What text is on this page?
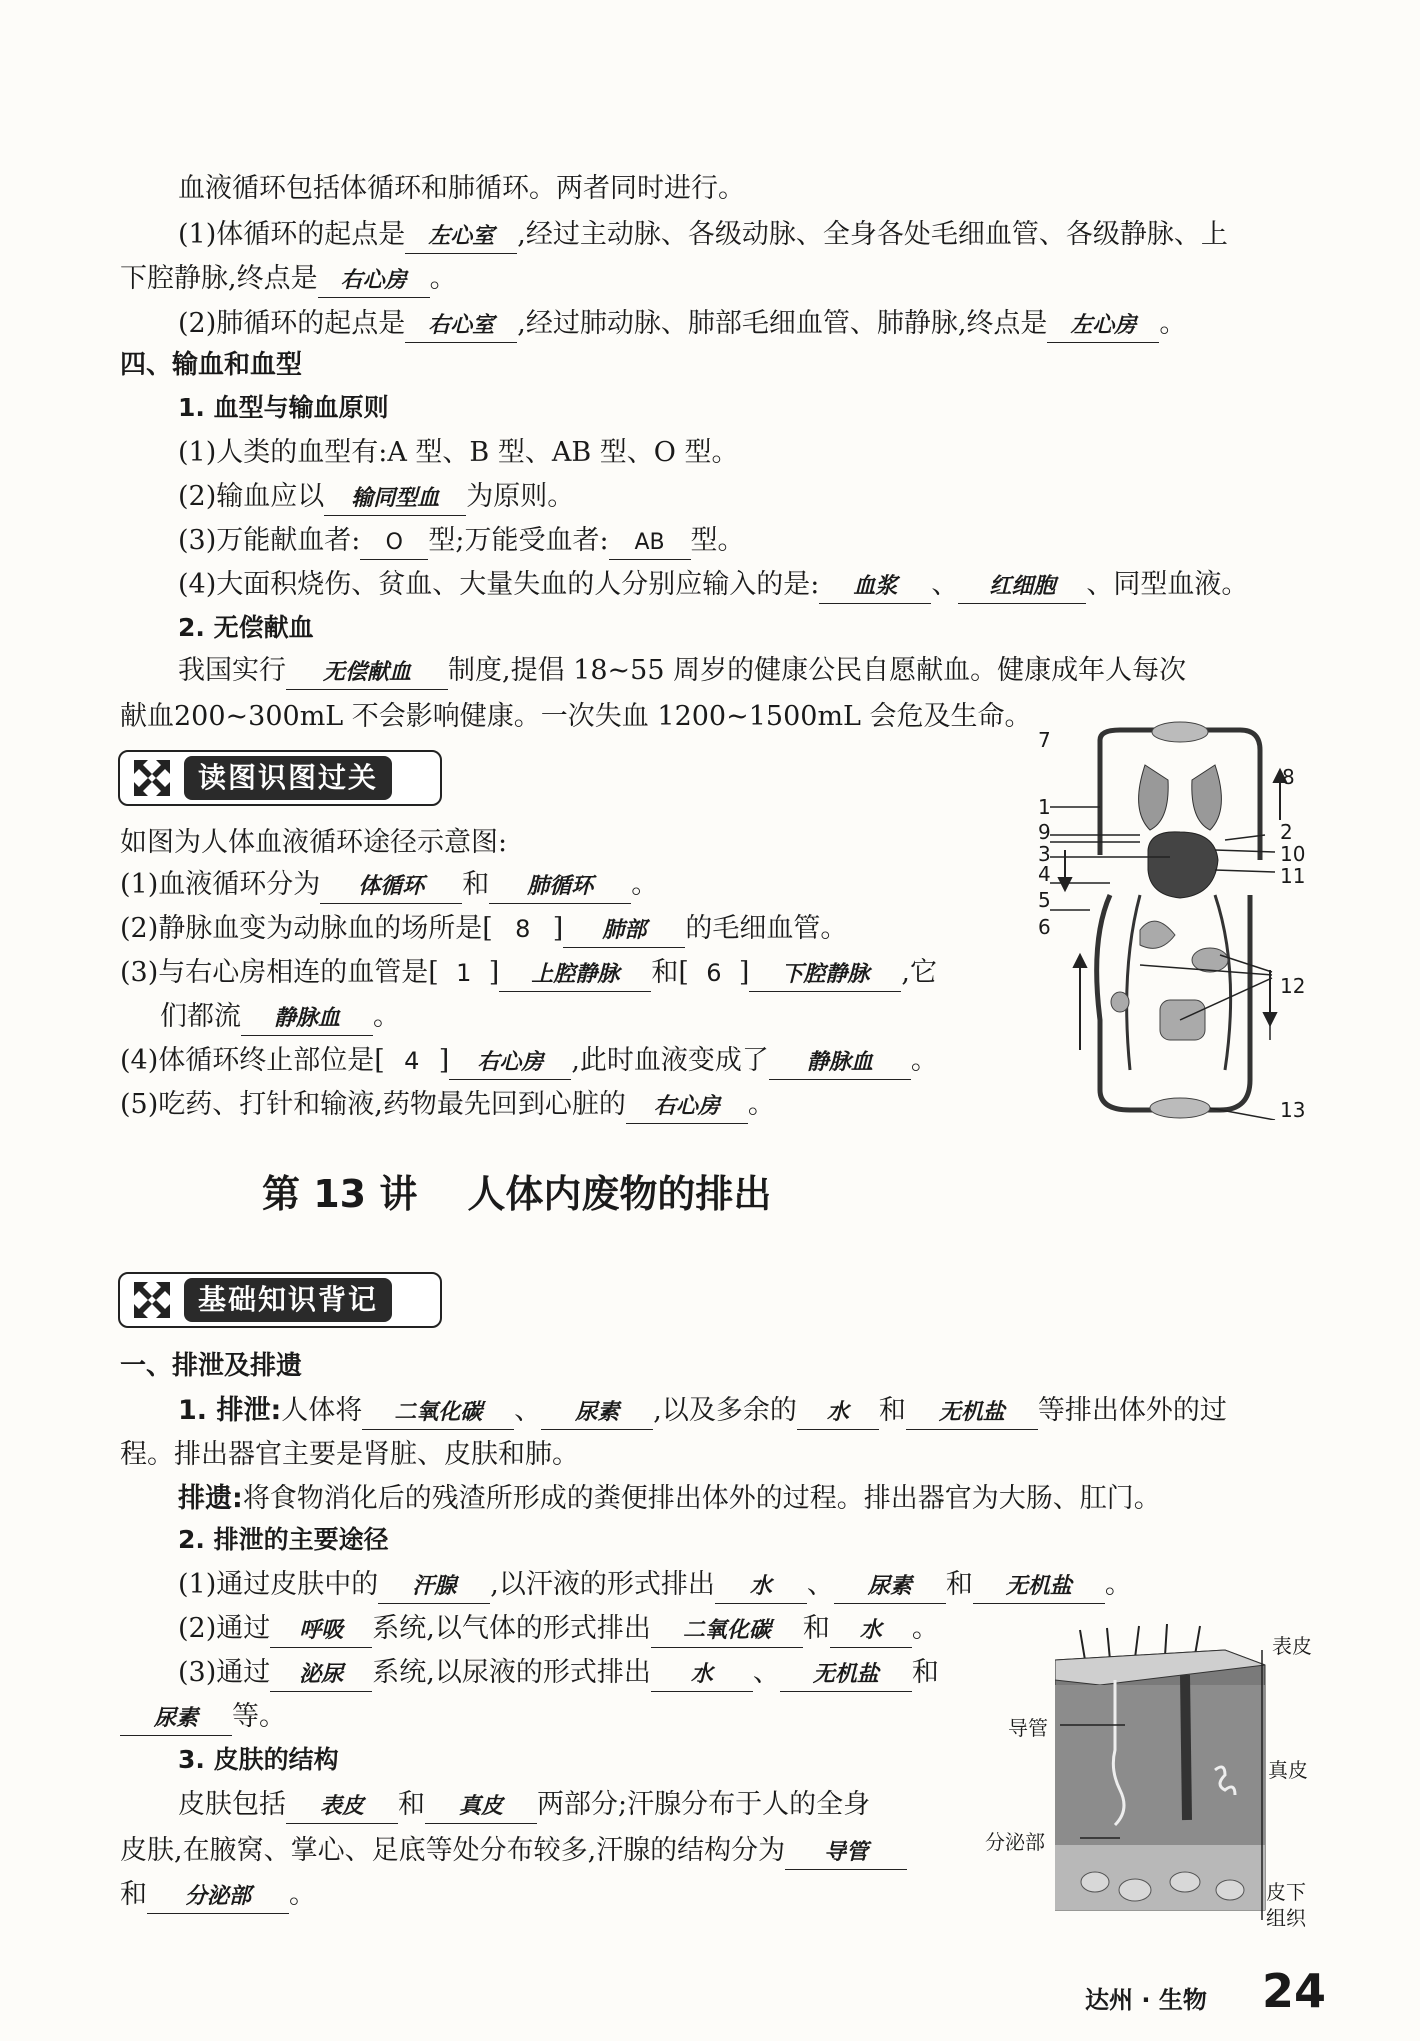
血液循环包括体循环和肺循环。两者同时进行。
(1)体循环的起点是 左心室 ,经过主动脉、各级动脉、全身各处毛细血管、各级静脉、上
下腔静脉,终点是 右心房 。
(2)肺循环的起点是 右心室 ,经过肺动脉、肺部毛细血管、肺静脉,终点是 左心房 。
四、输血和血型
1. 血型与输血原则
(1)人类的血型有:A 型、B 型、AB 型、O 型。
(2)输血应以 输同型血 为原则。
(3)万能献血者: O 型;万能受血者: AB 型。
(4)大面积烧伤、贫血、大量失血的人分别应输入的是: 血浆 、 红细胞 、同型血液。
2. 无偿献血
我国实行 无偿献血 制度,提倡 18~55 周岁的健康公民自愿献血。健康成年人每次
献血200~300mL 不会影响健康。一次失血 1200~1500mL 会危及生命。
读图识图过关
如图为人体血液循环途径示意图:
(1)血液循环分为 体循环 和 肺循环 。
(2)静脉血变为动脉血的场所是[ 8 ] 肺部 的毛细血管。
(3)与右心房相连的血管是[ 1 ] 上腔静脉 和[ 6 ] 下腔静脉 ,它
们都流 静脉血 。
(4)体循环终止部位是[ 4 ] 右心房 ,此时血液变成了 静脉血 。
(5)吃药、打针和输液,药物最先回到心脏的 右心房 。
7
8
1
9	2
3	10
4	11
5
6
12
13
第 13 讲 人体内废物的排出
基础知识背记
一、排泄及排遗
1. 排泄:人体将 二氧化碳 、 尿素 ,以及多余的 水 和 无机盐 等排出体外的过
程。排出器官主要是肾脏、皮肤和肺。
排遗:将食物消化后的残渣所形成的粪便排出体外的过程。排出器官为大肠、肛门。
2. 排泄的主要途径
(1)通过皮肤中的 汗腺 ,以汗液的形式排出 水 、 尿素 和 无机盐 。
(2)通过 呼吸 系统,以气体的形式排出 二氧化碳 和 水 。
(3)通过 泌尿 系统,以尿液的形式排出 水 、 无机盐 和
尿素 等。
3. 皮肤的结构
皮肤包括 表皮 和 真皮 两部分;汗腺分布于人的全身
皮肤,在腋窝、掌心、足底等处分布较多,汗腺的结构分为 导管
和 分泌部 。
表皮
导管
真皮
分泌部
皮下
组织
达州 · 生物 24
